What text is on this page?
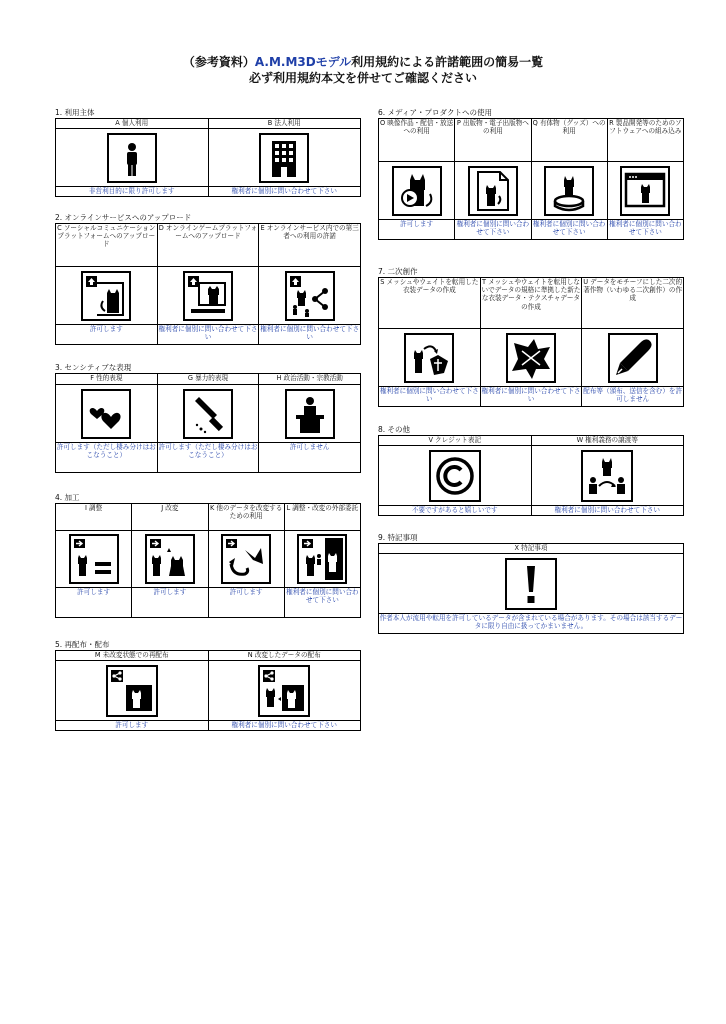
（参考資料）A.M.M3Dモデル利用規約による許諾範囲の簡易一覧
必ず利用規約本文を併せてご確認ください
1. 利用主体
A 個人利用	B 法人利用

非営利目的に限り許可します	権利者に個別に問い合わせて下さい
2. オンラインサービスへのアップロード
C ソーシャルコミュニケーションプラットフォームへのアップロード	D オンラインゲームプラットフォームへのアップロード	E オンラインサービス内での第三者への利用の許諾

許可します	権利者に個別に問い合わせて下さい	権利者に個別に問い合わせて下さい
3. センシティブな表現
F 性的表現	G 暴力的表現	H 政治活動・宗教活動

許可します（ただし棲み分けはおこなうこと）	許可します（ただし棲み分けはおこなうこと）	許可しません
4. 加工
I 調整	J 改変	K 他のデータを改変するための利用	L 調整・改変の外部委託

許可します	許可します	許可します	権利者に個別に問い合わせて下さい
5. 再配布・配布
M 未改変状態での再配布	N 改変したデータの配布

許可します	権利者に個別に問い合わせて下さい
6. メディア・プロダクトへの使用
O 映像作品・配信・放送への利用	P 出版物・電子出版物への利用	Q 有体物（グッズ）への利用	R 製品開発等のためのソフトウェアへの組み込み

許可します	権利者に個別に問い合わせて下さい	権利者に個別に問い合わせて下さい	権利者に個別に問い合わせて下さい
7. 二次創作
S メッシュやウェイトを転用した衣装データの作成	T メッシュやウェイトを転用しないでデータの規格に準拠した新たな衣装データ・テクスチャデータの作成	U データをモチーフにした二次的著作物（いわゆる二次創作）の作成

権利者に個別に問い合わせて下さい	権利者に個別に問い合わせて下さい	配布等（頒布、送信を含む）を許可しません
8. その他
V クレジット表記	W 権利義務の譲渡等

不要ですがあると嬉しいです	権利者に個別に問い合わせて下さい
9. 特記事項
X 特記事項

作者本人が流用や転用を許可しているデータが含まれている場合があります。その場合は該当するデータに限り自由に扱ってかまいません。
